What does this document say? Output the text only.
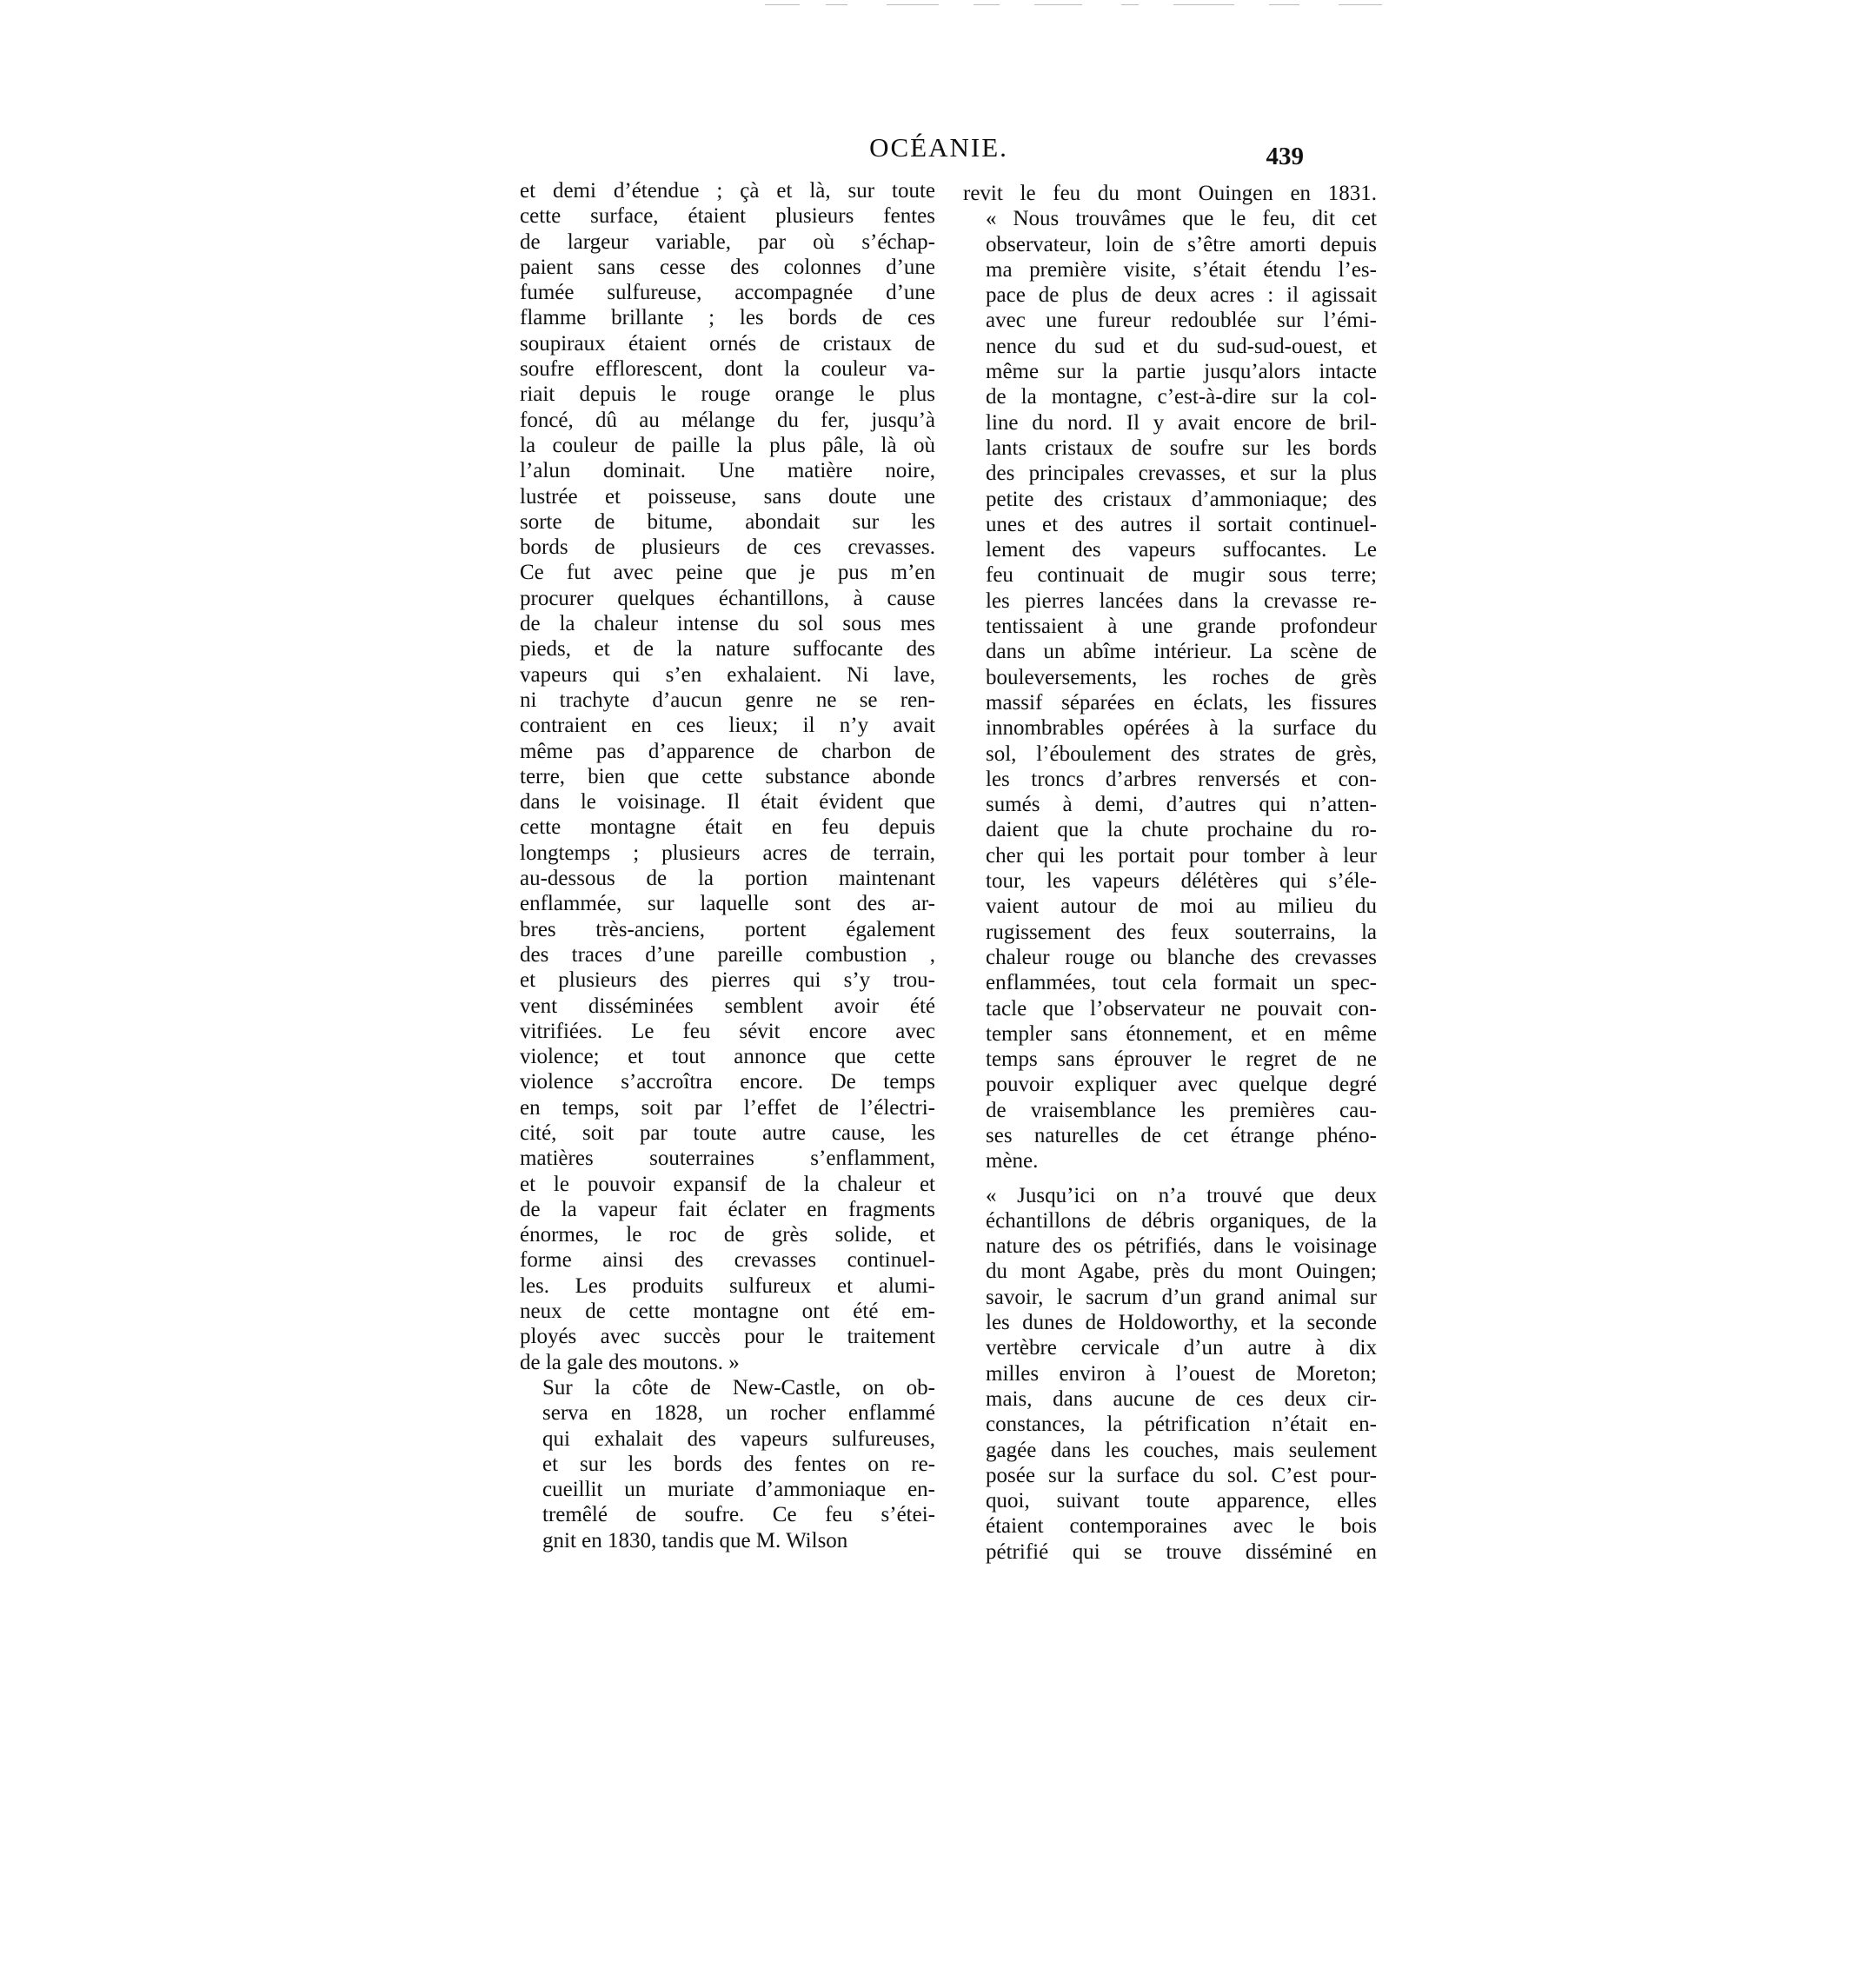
OCÉANIE.	439

et demi d’étendue ; çà et là, sur toute
cette surface, étaient plusieurs fentes
de largeur variable, par où s’échap-
paient sans cesse des colonnes d’une
fumée sulfureuse, accompagnée d’une
flamme brillante ; les bords de ces
soupiraux étaient ornés de cristaux de
soufre efflorescent, dont la couleur va-
riait depuis le rouge orange le plus
foncé, dû au mélange du fer, jusqu’à
la couleur de paille la plus pâle, là où
l’alun dominait. Une matière noire,
lustrée et poisseuse, sans doute une
sorte de bitume, abondait sur les
bords de plusieurs de ces crevasses.
Ce fut avec peine que je pus m’en
procurer quelques échantillons, à cause
de la chaleur intense du sol sous mes
pieds, et de la nature suffocante des
vapeurs qui s’en exhalaient. Ni lave,
ni trachyte d’aucun genre ne se ren-
contraient en ces lieux; il n’y avait
même pas d’apparence de charbon de
terre, bien que cette substance abonde
dans le voisinage. Il était évident que
cette montagne était en feu depuis
longtemps ; plusieurs acres de terrain,
au-dessous de la portion maintenant
enflammée, sur laquelle sont des ar-
bres très-anciens, portent également
des traces d’une pareille combustion ,
et plusieurs des pierres qui s’y trou-
vent disséminées semblent avoir été
vitrifiées. Le feu sévit encore avec
violence; et tout annonce que cette
violence s’accroîtra encore. De temps
en temps, soit par l’effet de l’électri-
cité, soit par toute autre cause, les
matières souterraines s’enflamment,
et le pouvoir expansif de la chaleur et
de la vapeur fait éclater en fragments
énormes, le roc de grès solide, et
forme ainsi des crevasses continuel-
les. Les produits sulfureux et alumi-
neux de cette montagne ont été em-
ployés avec succès pour le traitement
de la gale des moutons. »

Sur la côte de New-Castle, on ob-
serva en 1828, un rocher enflammé
qui exhalait des vapeurs sulfureuses,
et sur les bords des fentes on re-
cueillit un muriate d’ammoniaque en-
tremêlé de soufre. Ce feu s’étei-
gnit en 1830, tandis que M. Wilson

revit le feu du mont Ouingen en 1831.

« Nous trouvâmes que le feu, dit cet
observateur, loin de s’être amorti depuis
ma première visite, s’était étendu l’es-
pace de plus de deux acres : il agissait
avec une fureur redoublée sur l’émi-
nence du sud et du sud-sud-ouest, et
même sur la partie jusqu’alors intacte
de la montagne, c’est-à-dire sur la col-
line du nord. Il y avait encore de bril-
lants cristaux de soufre sur les bords
des principales crevasses, et sur la plus
petite des cristaux d’ammoniaque; des
unes et des autres il sortait continuel-
lement des vapeurs suffocantes. Le
feu continuait de mugir sous terre;
les pierres lancées dans la crevasse re-
tentissaient à une grande profondeur
dans un abîme intérieur. La scène de
bouleversements, les roches de grès
massif séparées en éclats, les fissures
innombrables opérées à la surface du
sol, l’éboulement des strates de grès,
les troncs d’arbres renversés et con-
sumés à demi, d’autres qui n’atten-
daient que la chute prochaine du ro-
cher qui les portait pour tomber à leur
tour, les vapeurs délétères qui s’éle-
vaient autour de moi au milieu du
rugissement des feux souterrains, la
chaleur rouge ou blanche des crevasses
enflammées, tout cela formait un spec-
tacle que l’observateur ne pouvait con-
templer sans étonnement, et en même
temps sans éprouver le regret de ne
pouvoir expliquer avec quelque degré
de vraisemblance les premières cau-
ses naturelles de cet étrange phéno-
mène.

« Jusqu’ici on n’a trouvé que deux
échantillons de débris organiques, de la
nature des os pétrifiés, dans le voisinage
du mont Agabe, près du mont Ouingen;
savoir, le sacrum d’un grand animal sur
les dunes de Holdoworthy, et la seconde
vertèbre cervicale d’un autre à dix
milles environ à l’ouest de Moreton;
mais, dans aucune de ces deux cir-
constances, la pétrification n’était en-
gagée dans les couches, mais seulement
posée sur la surface du sol. C’est pour-
quoi, suivant toute apparence, elles
étaient contemporaines avec le bois
pétrifié qui se trouve disséminé en
